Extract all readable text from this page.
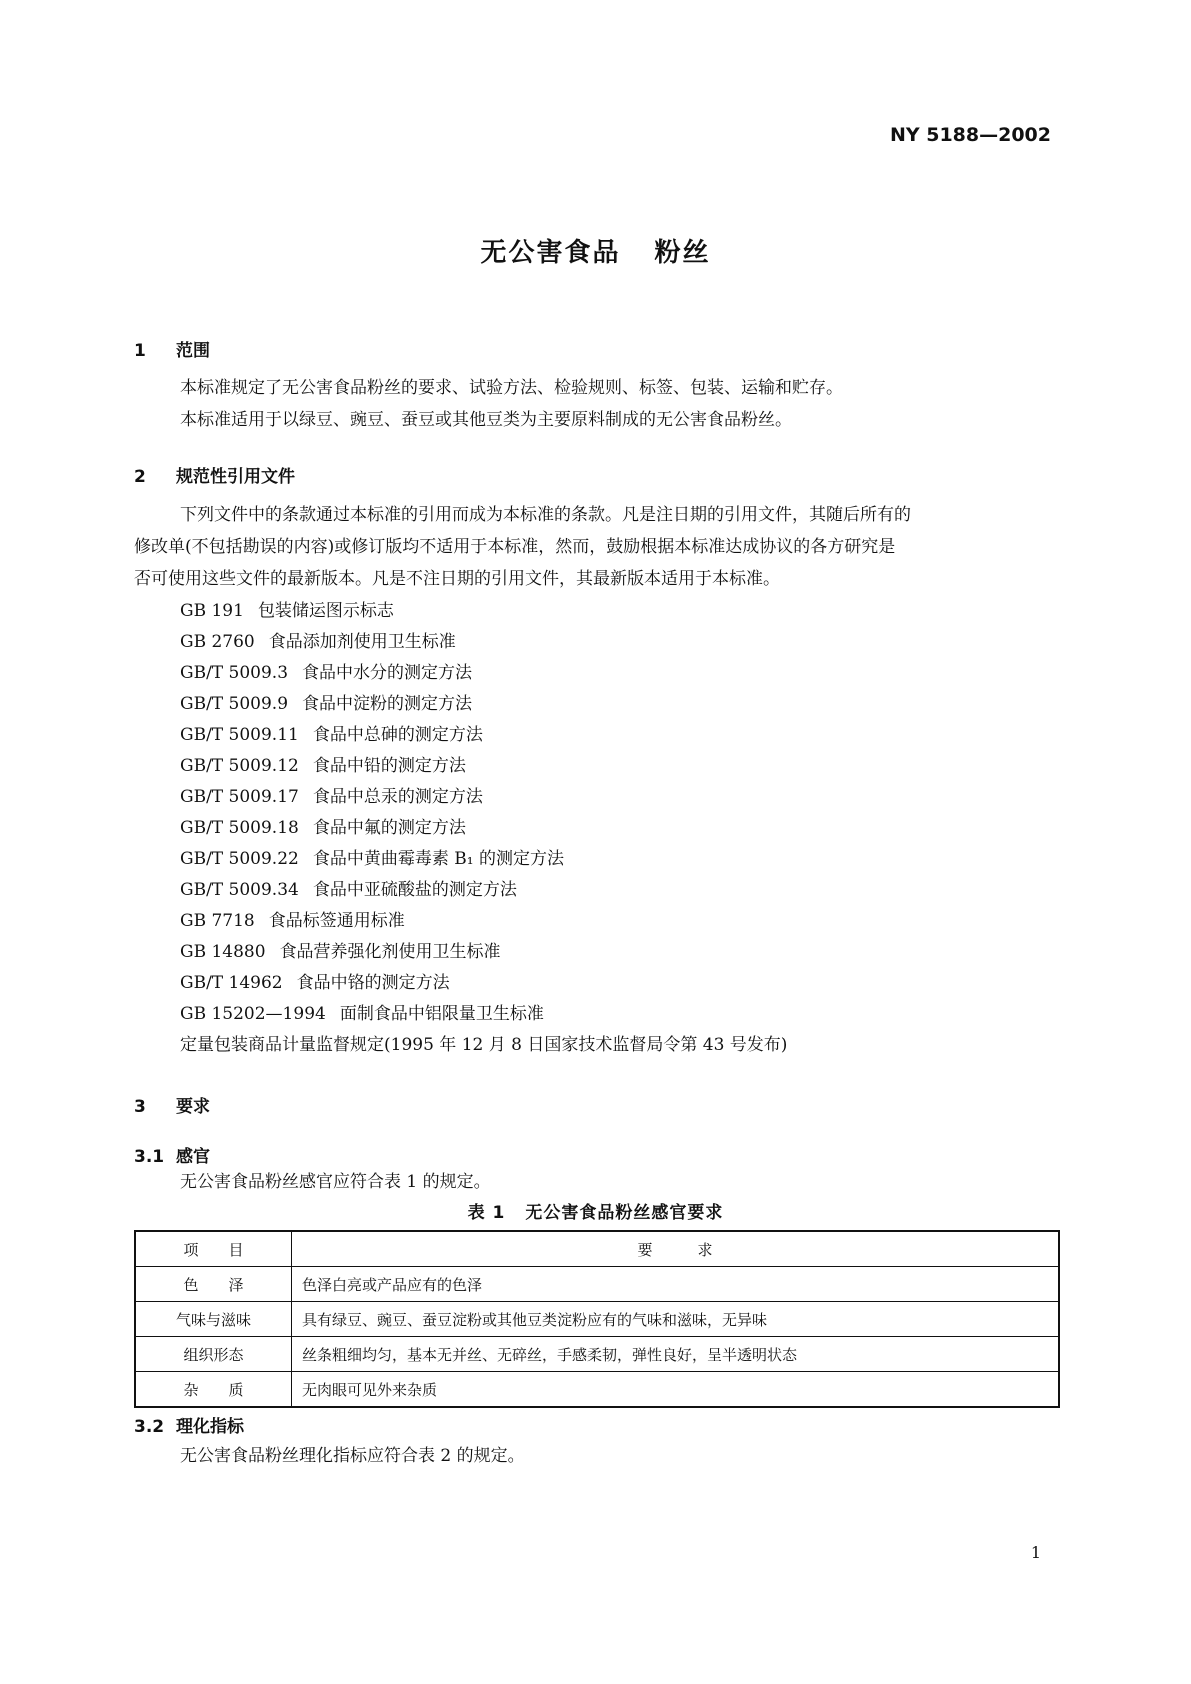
NY 5188—2002
无公害食品 粉丝
1 范围
本标准规定了无公害食品粉丝的要求、试验方法、检验规则、标签、包装、运输和贮存。
本标准适用于以绿豆、豌豆、蚕豆或其他豆类为主要原料制成的无公害食品粉丝。
2 规范性引用文件
下列文件中的条款通过本标准的引用而成为本标准的条款。凡是注日期的引用文件，其随后所有的
修改单(不包括勘误的内容)或修订版均不适用于本标准，然而，鼓励根据本标准达成协议的各方研究是
否可使用这些文件的最新版本。凡是不注日期的引用文件，其最新版本适用于本标准。
GB 191 包装储运图示标志
GB 2760 食品添加剂使用卫生标准
GB/T 5009.3 食品中水分的测定方法
GB/T 5009.9 食品中淀粉的测定方法
GB/T 5009.11 食品中总砷的测定方法
GB/T 5009.12 食品中铅的测定方法
GB/T 5009.17 食品中总汞的测定方法
GB/T 5009.18 食品中氟的测定方法
GB/T 5009.22 食品中黄曲霉毒素 B₁ 的测定方法
GB/T 5009.34 食品中亚硫酸盐的测定方法
GB 7718 食品标签通用标准
GB 14880 食品营养强化剂使用卫生标准
GB/T 14962 食品中铬的测定方法
GB 15202—1994 面制食品中铝限量卫生标准
定量包装商品计量监督规定(1995 年 12 月 8 日国家技术监督局令第 43 号发布)
3 要求
3.1 感官
无公害食品粉丝感官应符合表 1 的规定。
表 1 无公害食品粉丝感官要求
项　　目	要　　　求
色　　泽	色泽白亮或产品应有的色泽
气味与滋味	具有绿豆、豌豆、蚕豆淀粉或其他豆类淀粉应有的气味和滋味，无异味
组织形态	丝条粗细均匀，基本无并丝、无碎丝，手感柔韧，弹性良好，呈半透明状态
杂　　质	无肉眼可见外来杂质
3.2 理化指标
无公害食品粉丝理化指标应符合表 2 的规定。
1
